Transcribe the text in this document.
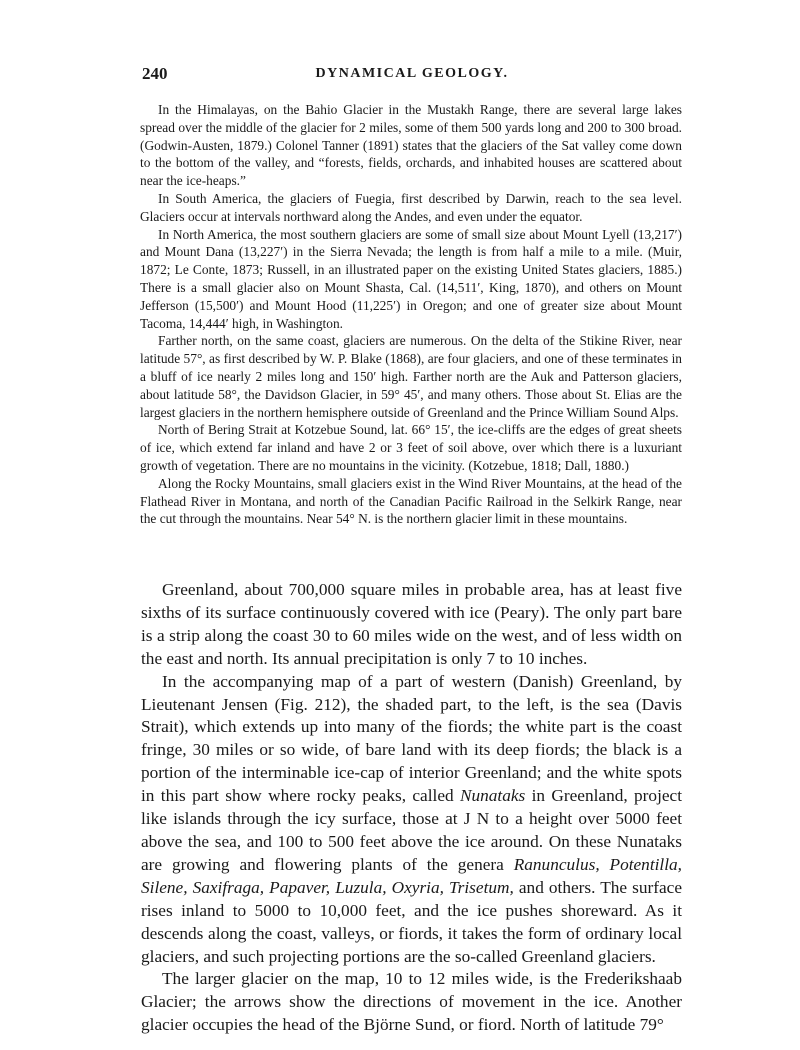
240	DYNAMICAL GEOLOGY.

In the Himalayas, on the Bahio Glacier in the Mustakh Range, there are several large lakes spread over the middle of the glacier for 2 miles, some of them 500 yards long and 200 to 300 broad. (Godwin-Austen, 1879.) Colonel Tanner (1891) states that the glaciers of the Sat valley come down to the bottom of the valley, and “forests, fields, orchards, and inhabited houses are scattered about near the ice-heaps.”

In South America, the glaciers of Fuegia, first described by Darwin, reach to the sea level. Glaciers occur at intervals northward along the Andes, and even under the equator.

In North America, the most southern glaciers are some of small size about Mount Lyell (13,217′) and Mount Dana (13,227′) in the Sierra Nevada; the length is from half a mile to a mile. (Muir, 1872; Le Conte, 1873; Russell, in an illustrated paper on the existing United States glaciers, 1885.) There is a small glacier also on Mount Shasta, Cal. (14,511′, King, 1870), and others on Mount Jefferson (15,500′) and Mount Hood (11,225′) in Oregon; and one of greater size about Mount Tacoma, 14,444′ high, in Washington.

Farther north, on the same coast, glaciers are numerous. On the delta of the Stikine River, near latitude 57°, as first described by W. P. Blake (1868), are four glaciers, and one of these terminates in a bluff of ice nearly 2 miles long and 150′ high. Farther north are the Auk and Patterson glaciers, about latitude 58°, the Davidson Glacier, in 59° 45′, and many others. Those about St. Elias are the largest glaciers in the northern hemisphere outside of Greenland and the Prince William Sound Alps.

North of Bering Strait at Kotzebue Sound, lat. 66° 15′, the ice-cliffs are the edges of great sheets of ice, which extend far inland and have 2 or 3 feet of soil above, over which there is a luxuriant growth of vegetation. There are no mountains in the vicinity. (Kotzebue, 1818; Dall, 1880.)

Along the Rocky Mountains, small glaciers exist in the Wind River Mountains, at the head of the Flathead River in Montana, and north of the Canadian Pacific Railroad in the Selkirk Range, near the cut through the mountains. Near 54° N. is the northern glacier limit in these mountains.

Greenland, about 700,000 square miles in probable area, has at least five sixths of its surface continuously covered with ice (Peary). The only part bare is a strip along the coast 30 to 60 miles wide on the west, and of less width on the east and north. Its annual precipitation is only 7 to 10 inches.

In the accompanying map of a part of western (Danish) Greenland, by Lieutenant Jensen (Fig. 212), the shaded part, to the left, is the sea (Davis Strait), which extends up into many of the fiords; the white part is the coast fringe, 30 miles or so wide, of bare land with its deep fiords; the black is a portion of the interminable ice-cap of interior Greenland; and the white spots in this part show where rocky peaks, called Nunataks in Greenland, project like islands through the icy surface, those at J N to a height over 5000 feet above the sea, and 100 to 500 feet above the ice around. On these Nunataks are growing and flowering plants of the genera Ranunculus, Potentilla, Silene, Saxifraga, Papaver, Luzula, Oxyria, Trisetum, and others. The surface rises inland to 5000 to 10,000 feet, and the ice pushes shoreward. As it descends along the coast, valleys, or fiords, it takes the form of ordinary local glaciers, and such projecting portions are the so-called Greenland glaciers.

The larger glacier on the map, 10 to 12 miles wide, is the Frederikshaab Glacier; the arrows show the directions of movement in the ice. Another glacier occupies the head of the Björne Sund, or fiord. North of latitude 79°
